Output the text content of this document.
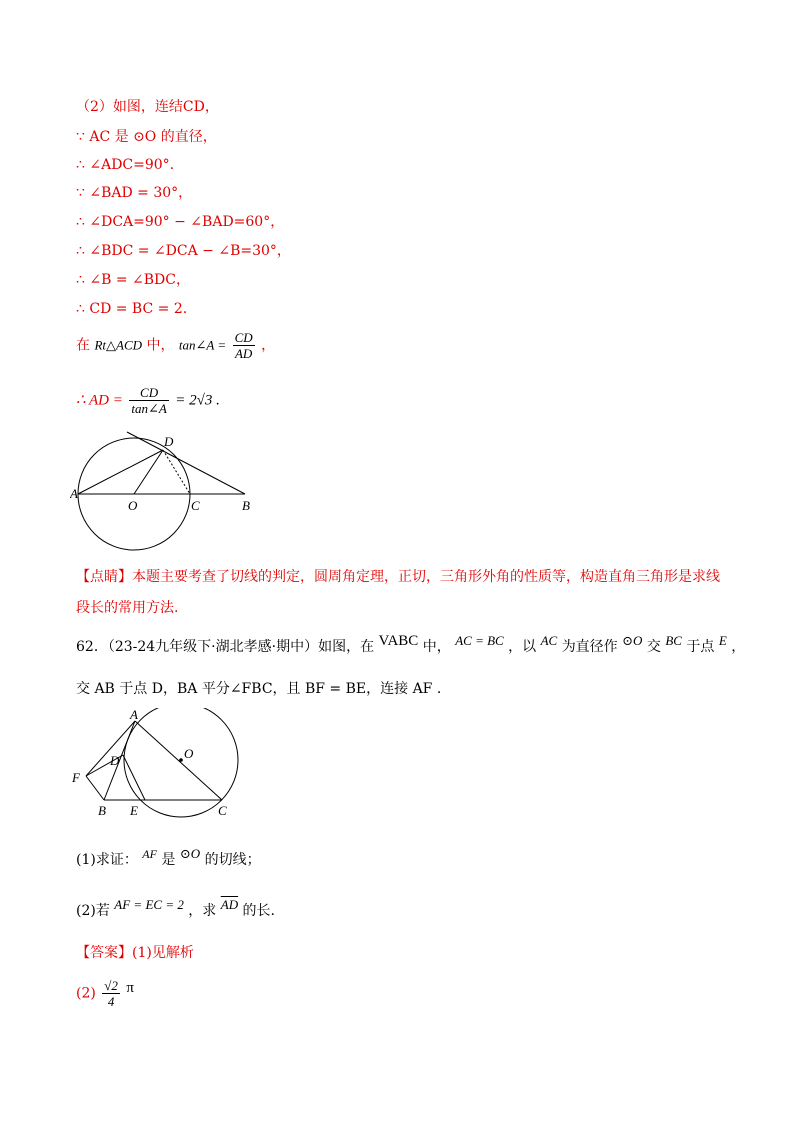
（2）如图，连结CD，
∵ AC 是 ⊙O 的直径，
∴ ∠ADC=90°.
∵ ∠BAD = 30°，
∴ ∠DCA=90° − ∠BAD=60°，
∴ ∠BDC = ∠DCA − ∠B=30°，
∴ ∠B = ∠BDC，
∴ CD = BC = 2.
在 Rt△ACD 中， tan∠A = $\frac{CD}{AD}$ ，
∴ AD = $\frac{CD}{\tan\angle A} = 2√3$ .
D
A
O	C	B
【点睛】本题主要考查了切线的判定，圆周角定理，正切，三角形外角的性质等，构造直角三角形是求线
段长的常用方法.
62．（23-24九年级下·湖北孝感·期中）如图，在 VABC 中， AC = BC ，以 AC 为直径作 ⊙O 交 BC 于点 E ，
交 AB 于点 D，BA 平分∠FBC，且 BF = BE，连接 AF .
A
O
D
F
B E	C
(1)求证： AF 是 ⊙O 的切线；
(2)若 AF = EC = 2 ，求 $\overline{AD}$ 的长.
【答案】(1)见解析
$(2) \frac{√2}{4}$ π
